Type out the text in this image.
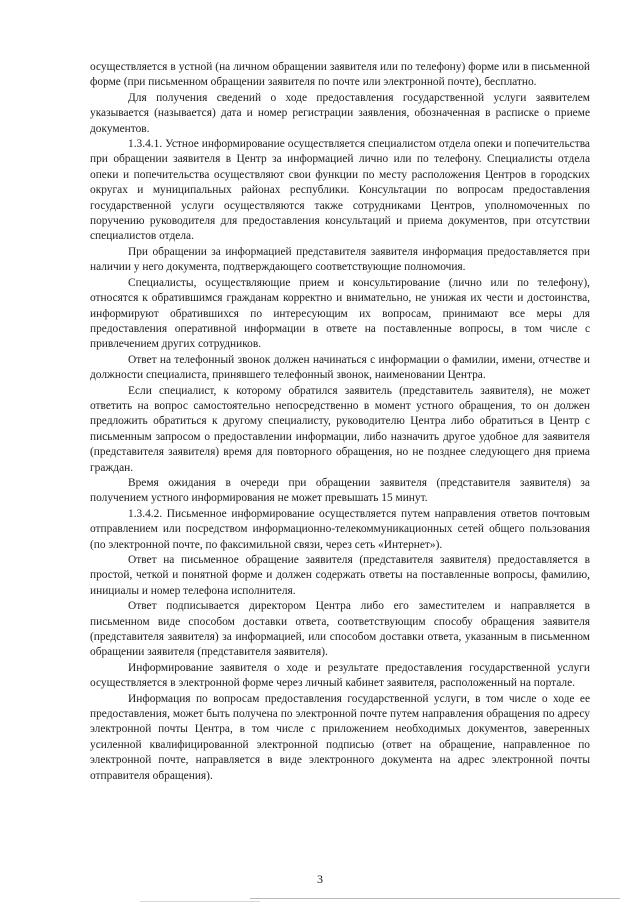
осуществляется в устной (на личном обращении заявителя или по телефону) форме или в письменной форме (при письменном обращении заявителя по почте или электронной почте), бесплатно.

Для получения сведений о ходе предоставления государственной услуги заявителем указывается (называется) дата и номер регистрации заявления, обозначенная в расписке о приеме документов.

1.3.4.1. Устное информирование осуществляется специалистом отдела опеки и попечительства при обращении заявителя в Центр за информацией лично или по телефону. Специалисты отдела опеки и попечительства осуществляют свои функции по месту расположения Центров в городских округах и муниципальных районах республики. Консультации по вопросам предоставления государственной услуги осуществляются также сотрудниками Центров, уполномоченных по поручению руководителя для предоставления консультаций и приема документов, при отсутствии специалистов отдела.

При обращении за информацией представителя заявителя информация предоставляется при наличии у него документа, подтверждающего соответствующие полномочия.

Специалисты, осуществляющие прием и консультирование (лично или по телефону), относятся к обратившимся гражданам корректно и внимательно, не унижая их чести и достоинства, информируют обратившихся по интересующим их вопросам, принимают все меры для предоставления оперативной информации в ответе на поставленные вопросы, в том числе с привлечением других сотрудников.

Ответ на телефонный звонок должен начинаться с информации о фамилии, имени, отчестве и должности специалиста, принявшего телефонный звонок, наименовании Центра.

Если специалист, к которому обратился заявитель (представитель заявителя), не может ответить на вопрос самостоятельно непосредственно в момент устного обращения, то он должен предложить обратиться к другому специалисту, руководителю Центра либо обратиться в Центр с письменным запросом о предоставлении информации, либо назначить другое удобное для заявителя (представителя заявителя) время для повторного обращения, но не позднее следующего дня приема граждан.

Время ожидания в очереди при обращении заявителя (представителя заявителя) за получением устного информирования не может превышать 15 минут.

1.3.4.2. Письменное информирование осуществляется путем направления ответов почтовым отправлением или посредством информационно-телекоммуникационных сетей общего пользования (по электронной почте, по факсимильной связи, через сеть «Интернет»).

Ответ на письменное обращение заявителя (представителя заявителя) предоставляется в простой, четкой и понятной форме и должен содержать ответы на поставленные вопросы, фамилию, инициалы и номер телефона исполнителя.

Ответ подписывается директором Центра либо его заместителем и направляется в письменном виде способом доставки ответа, соответствующим способу обращения заявителя (представителя заявителя) за информацией, или способом доставки ответа, указанным в письменном обращении заявителя (представителя заявителя).

Информирование заявителя о ходе и результате предоставления государственной услуги осуществляется в электронной форме через личный кабинет заявителя, расположенный на портале.

Информация по вопросам предоставления государственной услуги, в том числе о ходе ее предоставления, может быть получена по электронной почте путем направления обращения по адресу электронной почты Центра, в том числе с приложением необходимых документов, заверенных усиленной квалифицированной электронной подписью (ответ на обращение, направленное по электронной почте, направляется в виде электронного документа на адрес электронной почты отправителя обращения).

3
